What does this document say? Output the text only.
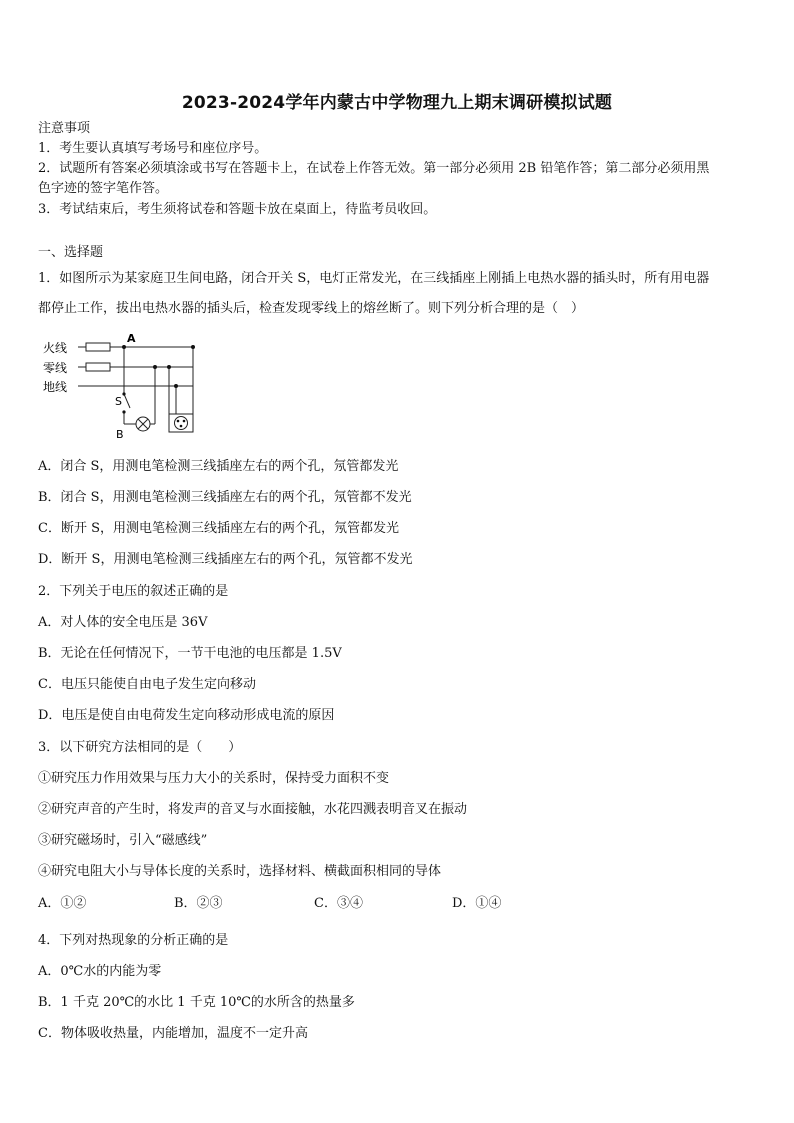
2023-2024学年内蒙古中学物理九上期末调研模拟试题
注意事项
1．考生要认真填写考场号和座位序号。
2．试题所有答案必须填涂或书写在答题卡上，在试卷上作答无效。第一部分必须用 2B 铅笔作答；第二部分必须用黑
色字迹的签字笔作答。
3．考试结束后，考生须将试卷和答题卡放在桌面上，待监考员收回。
一、选择题
1．如图所示为某家庭卫生间电路，闭合开关 S，电灯正常发光，在三线插座上刚插上电热水器的插头时，所有用电器
都停止工作，拔出电热水器的插头后，检查发现零线上的熔丝断了。则下列分析合理的是（　）
火线
零线
地线
A
S
B
A．闭合 S，用测电笔检测三线插座左右的两个孔，氖管都发光
B．闭合 S，用测电笔检测三线插座左右的两个孔，氖管都不发光
C．断开 S，用测电笔检测三线插座左右的两个孔，氖管都发光
D．断开 S，用测电笔检测三线插座左右的两个孔，氖管都不发光
2．下列关于电压的叙述正确的是
A．对人体的安全电压是 36V
B．无论在任何情况下，一节干电池的电压都是 1.5V
C．电压只能使自由电子发生定向移动
D．电压是使自由电荷发生定向移动形成电流的原因
3．以下研究方法相同的是（　　）
①研究压力作用效果与压力大小的关系时，保持受力面积不变
②研究声音的产生时，将发声的音叉与水面接触，水花四溅表明音叉在振动
③研究磁场时，引入“磁感线”
④研究电阻大小与导体长度的关系时，选择材料、横截面积相同的导体
A．①②	B．②③	C．③④	D．①④
4．下列对热现象的分析正确的是
A．0℃水的内能为零
B．1 千克 20℃的水比 1 千克 10℃的水所含的热量多
C．物体吸收热量，内能增加，温度不一定升高
